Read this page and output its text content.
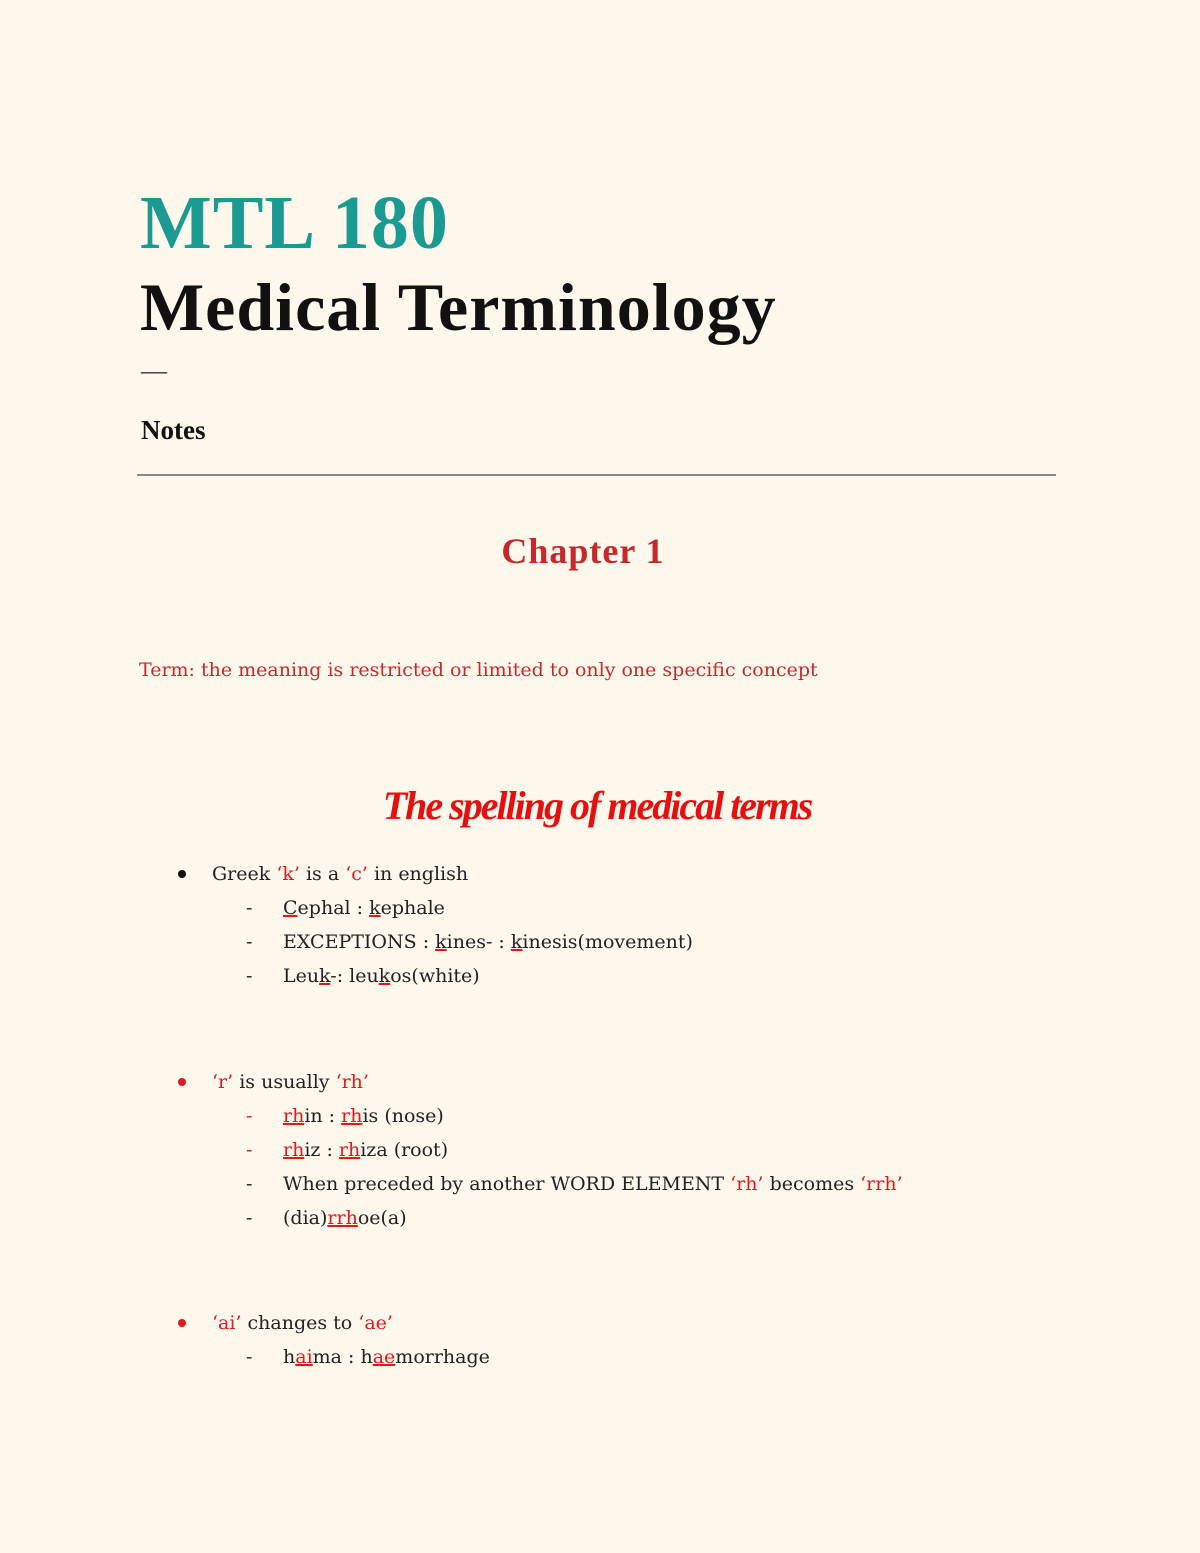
MTL 180
Medical Terminology
—
Notes
Chapter 1
Term: the meaning is restricted or limited to only one specific concept
The spelling of medical terms
Greek ‘k’ is a ‘c’ in english
- Cephal : kephale
- EXCEPTIONS : kines- : kinesis(movement)
- Leuk-: leukos(white)
‘r’ is usually ‘rh’
- rhin : rhis (nose)
- rhiz : rhiza (root)
- When preceded by another WORD ELEMENT ‘rh’ becomes ‘rrh’
- (dia)rrhoe(a)
‘ai’ changes to ‘ae’
- haima : haemorrhage
